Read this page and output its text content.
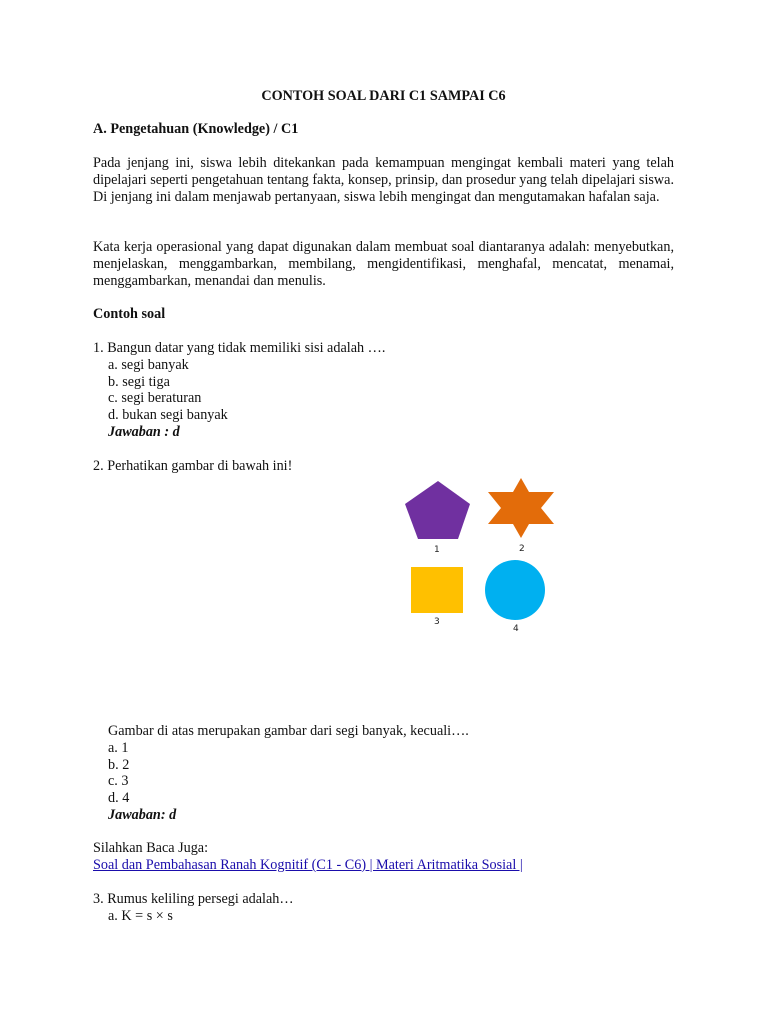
CONTOH SOAL DARI C1 SAMPAI C6
A. Pengetahuan (Knowledge) / C1
Pada jenjang ini, siswa lebih ditekankan pada kemampuan mengingat kembali materi yang telah dipelajari seperti pengetahuan tentang fakta, konsep, prinsip, dan prosedur yang telah dipelajari siswa. Di jenjang ini dalam menjawab pertanyaan, siswa lebih mengingat dan mengutamakan hafalan saja.
Kata kerja operasional yang dapat digunakan dalam membuat soal diantaranya adalah: menyebutkan, menjelaskan, menggambarkan, membilang, mengidentifikasi, menghafal, mencatat, menamai, menggambarkan, menandai dan menulis.
Contoh soal
1. Bangun datar yang tidak memiliki sisi adalah ….
a. segi banyak
b. segi tiga
c. segi beraturan
d. bukan segi banyak
Jawaban : d
2. Perhatikan gambar di bawah ini!
1	2
3
4
Gambar di atas merupakan gambar dari segi banyak, kecuali….
a. 1
b. 2
c. 3
d. 4
Jawaban: d
Silahkan Baca Juga:
Soal dan Pembahasan Ranah Kognitif (C1 - C6) | Materi Aritmatika Sosial |
3. Rumus keliling persegi adalah…
a. K = s × s
